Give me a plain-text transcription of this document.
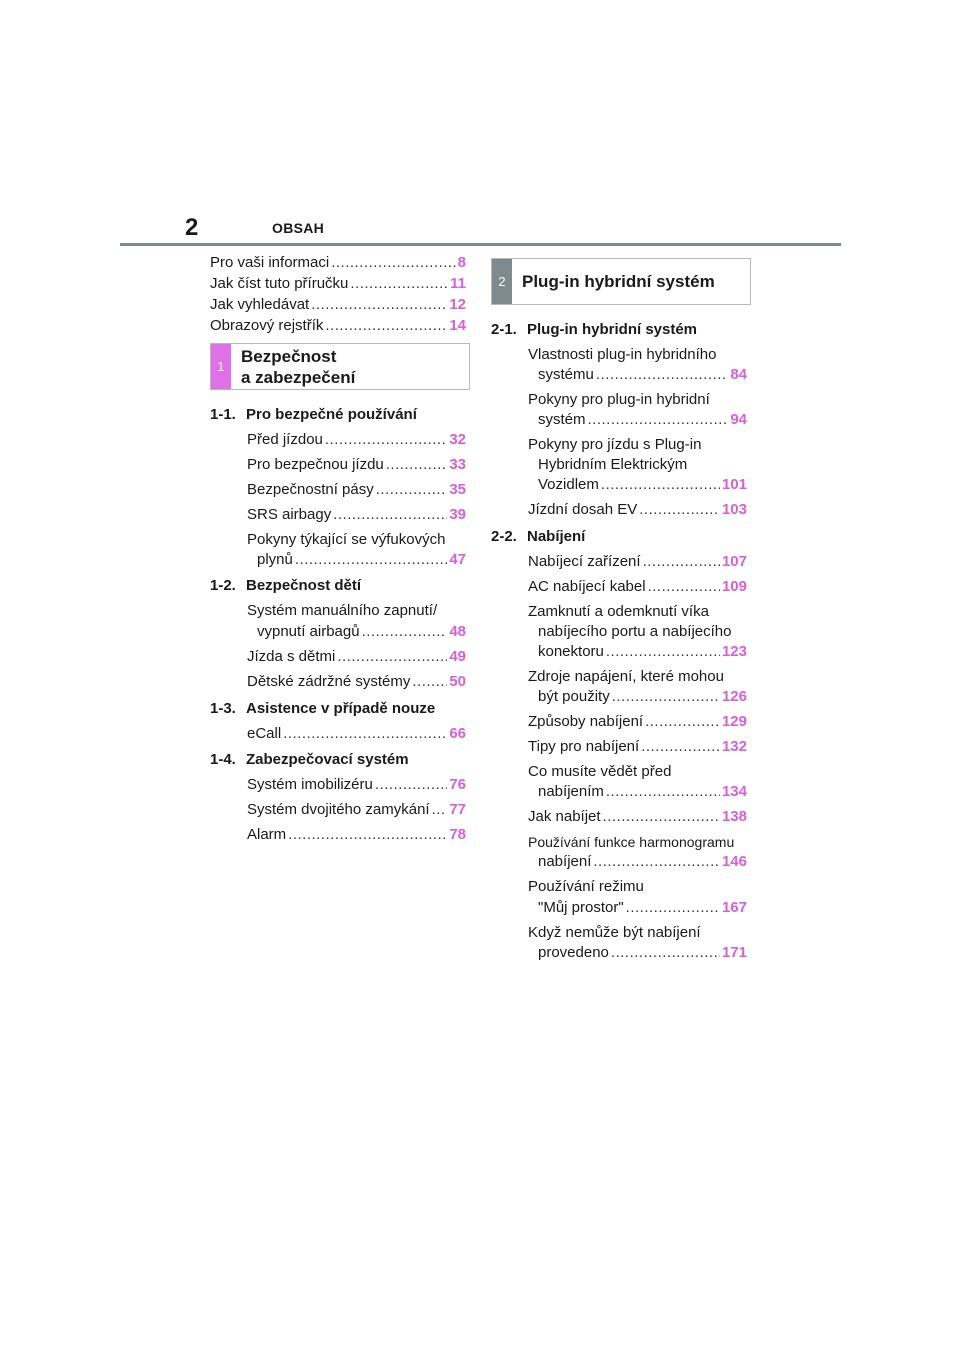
2	OBSAH
Pro vaši informaci .....	8
Jak číst tuto příručku .....	11
Jak vyhledávat .....	12
Obrazový rejstřík .....	14
1
Bezpečnost
a zabezpečení
1-1. Pro bezpečné používání
Před jízdou .....	32
Pro bezpečnou jízdu .....	33
Bezpečnostní pásy .....	35
SRS airbagy .....	39
Pokyny týkající se výfukových
plynů .....	47
1-2. Bezpečnost dětí
Systém manuálního zapnutí/
vypnutí airbagů .....	48
Jízda s dětmi .....	49
Dětské zádržné systémy .....	50
1-3. Asistence v případě nouze
eCall .....	66
1-4. Zabezpečovací systém
Systém imobilizéru .....	76
Systém dvojitého zamykání ..... 77
Alarm .....	78
2 Plug-in hybridní systém
2-1. Plug-in hybridní systém
Vlastnosti plug-in hybridního
systému .....	84
Pokyny pro plug-in hybridní
systém .....	94
Pokyny pro jízdu s Plug-in
Hybridním Elektrickým
Vozidlem .....	101
Jízdní dosah EV .....	103
2-2. Nabíjení
Nabíjecí zařízení .....	107
AC nabíjecí kabel .....	109
Zamknutí a odemknutí víka
nabíjecího portu a nabíjecího
konektoru .....	123
Zdroje napájení, které mohou
být použity .....	126
Způsoby nabíjení .....	129
Tipy pro nabíjení .....	132
Co musíte vědět před
nabíjením .....	134
Jak nabíjet .....	138
Používání funkce harmonogramu
nabíjení .....	146
Používání režimu
"Můj prostor" .....	167
Když nemůže být nabíjení
provedeno .....	171
